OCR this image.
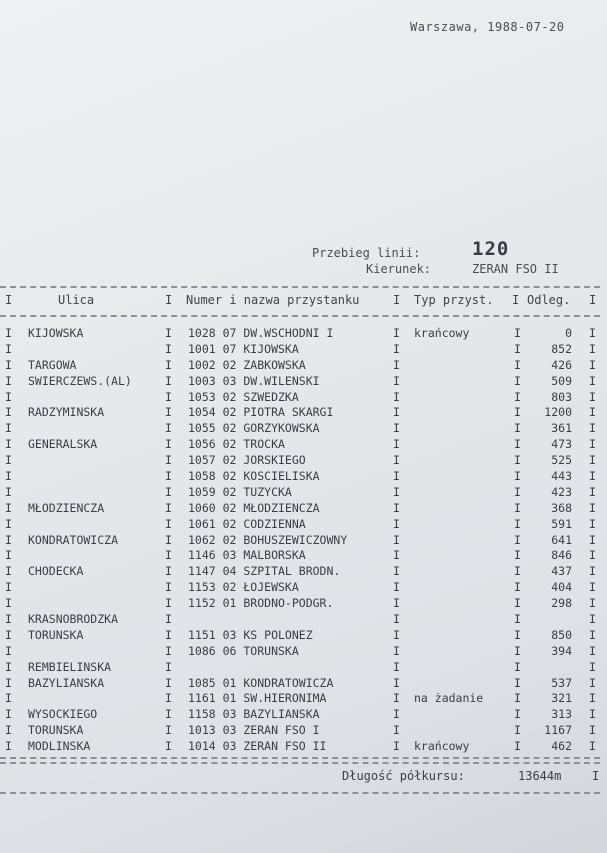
Warszawa, 1988-07-20
Przebieg linii:	120
Kierunek:	ZERAN FSO II
I	Ulica	I Numer i nazwa przystanku	I Typ przyst. I Odleg. I
I KIJOWSKA	I 1028 07 DW.WSCHODNI I	I krańcowy	I	0 I
I	I 1001 07 KIJOWSKA	I	I	852 I
I TARGOWA	I 1002 02 ZABKOWSKA	I	I	426 I
I SWIERCZEWS.(AL)	I 1003 03 DW.WILENSKI	I	I	509 I
I	I 1053 02 SZWEDZKA	I	I	803 I
I RADZYMINSKA	I 1054 02 PIOTRA SKARGI	I	I	1200 I
I	I 1055 02 GORZYKOWSKA	I	I	361 I
I GENERALSKA	I 1056 02 TROCKA	I	I	473 I
I	I 1057 02 JORSKIEGO	I	I	525 I
I	I 1058 02 KOSCIELISKA	I	I	443 I
I	I 1059 02 TUZYCKA	I	I	423 I
I MŁODZIENCZA	I 1060 02 MŁODZIENCZA	I	I	368 I
I	I 1061 02 CODZIENNA	I	I	591 I
I KONDRATOWICZA	I 1062 02 BOHUSZEWICZOWNY	I	I	641 I
I	I 1146 03 MALBORSKA	I	I	846 I
I CHODECKA	I 1147 04 SZPITAL BRODN.	I	I	437 I
I	I 1153 02 ŁOJEWSKA	I	I	404 I
I	I 1152 01 BRODNO-PODGR.	I	I	298 I
I KRASNOBRODZKA	I	I	I	I
I TORUNSKA	I 1151 03 KS POLONEZ	I	I	850 I
I	I 1086 06 TORUNSKA	I	I	394 I
I REMBIELINSKA	I	I	I	I
I BAZYLIANSKA	I 1085 01 KONDRATOWICZA	I	I	537 I
I	I 1161 01 SW.HIERONIMA	I na żadanie	I	321 I
I WYSOCKIEGO	I 1158 03 BAZYLIANSKA	I	I	313 I
I TORUNSKA	I 1013 03 ZERAN FSO I	I	I	1167 I
I MODLINSKA	I 1014 03 ZERAN FSO II	I krańcowy	I	462 I
Długość półkursu:	13644m	I
